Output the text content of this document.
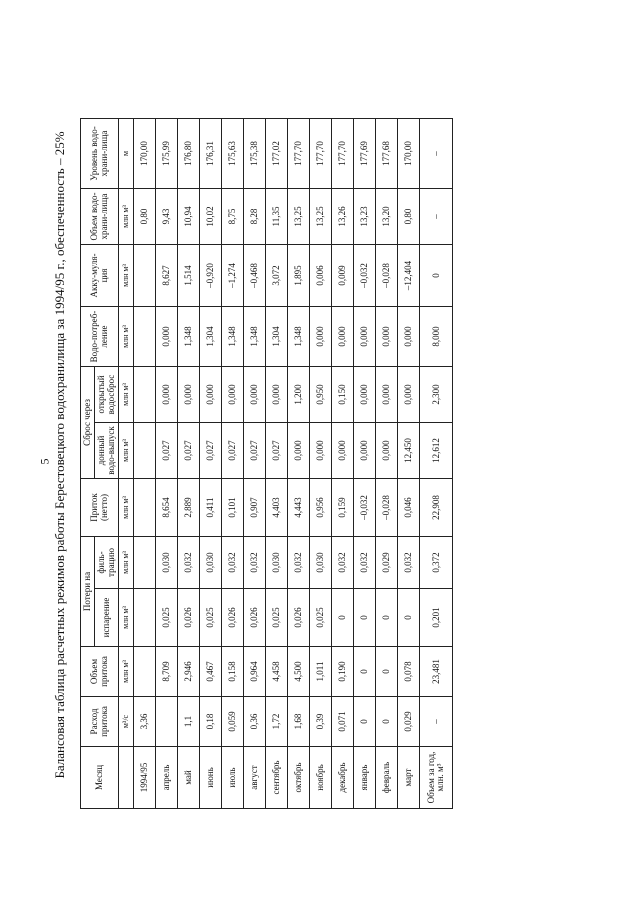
5 Балансовая таблица расчетных режимов работы Берестовецкого водохранилища за 1994/95 г., обеспеченность – 25%	Месяц	Расход притока	Объем притока	Потери на		Приток (нетто)	Сброс через		Водо-потреб-ление	Акку-муля-ция	Объем водо-храни-лища	Уровень водо-храни-лища
			испарение	филь-трацию		донный водо-выпуск	открытый водосброс				
	м³/с	млн м³	млн м³	млн м³	млн м³	млн м³	млн м³	млн м³	млн м³	млн м³	м
1994/95	3,36									0,80	170,00
апрель		8,709	0,025	0,030	8,654	0,027	0,000	0,000	8,627	9,43	175,99
май	1,1	2,946	0,026	0,032	2,889	0,027	0,000	1,348	1,514	10,94	176,80
июнь	0,18	0,467	0,025	0,030	0,411	0,027	0,000	1,304	–0,920	10,02	176,31
июль	0,059	0,158	0,026	0,032	0,101	0,027	0,000	1,348	–1,274	8,75	175,63
август	0,36	0,964	0,026	0,032	0,907	0,027	0,000	1,348	–0,468	8,28	175,38
сентябрь	1,72	4,458	0,025	0,030	4,403	0,027	0,000	1,304	3,072	11,35	177,02
октябрь	1,68	4,500	0,026	0,032	4,443	0,000	1,200	1,348	1,895	13,25	177,70
ноябрь	0,39	1,011	0,025	0,030	0,956	0,000	0,950	0,000	0,006	13,25	177,70
декабрь	0,071	0,190	0	0,032	0,159	0,000	0,150	0,000	0,009	13,26	177,70
январь	0	0	0	0,032	–0,032	0,000	0,000	0,000	–0,032	13,23	177,69
февраль	0	0	0	0,029	–0,028	0,000	0,000	0,000	–0,028	13,20	177,68
март	0,029	0,078	0	0,032	0,046	12,450	0,000	0,000	–12,404	0,80	170,00
Объем за год, млн. м³	–	23,481	0,201	0,372	22,908	12,612	2,300	8,000	0	–	–
